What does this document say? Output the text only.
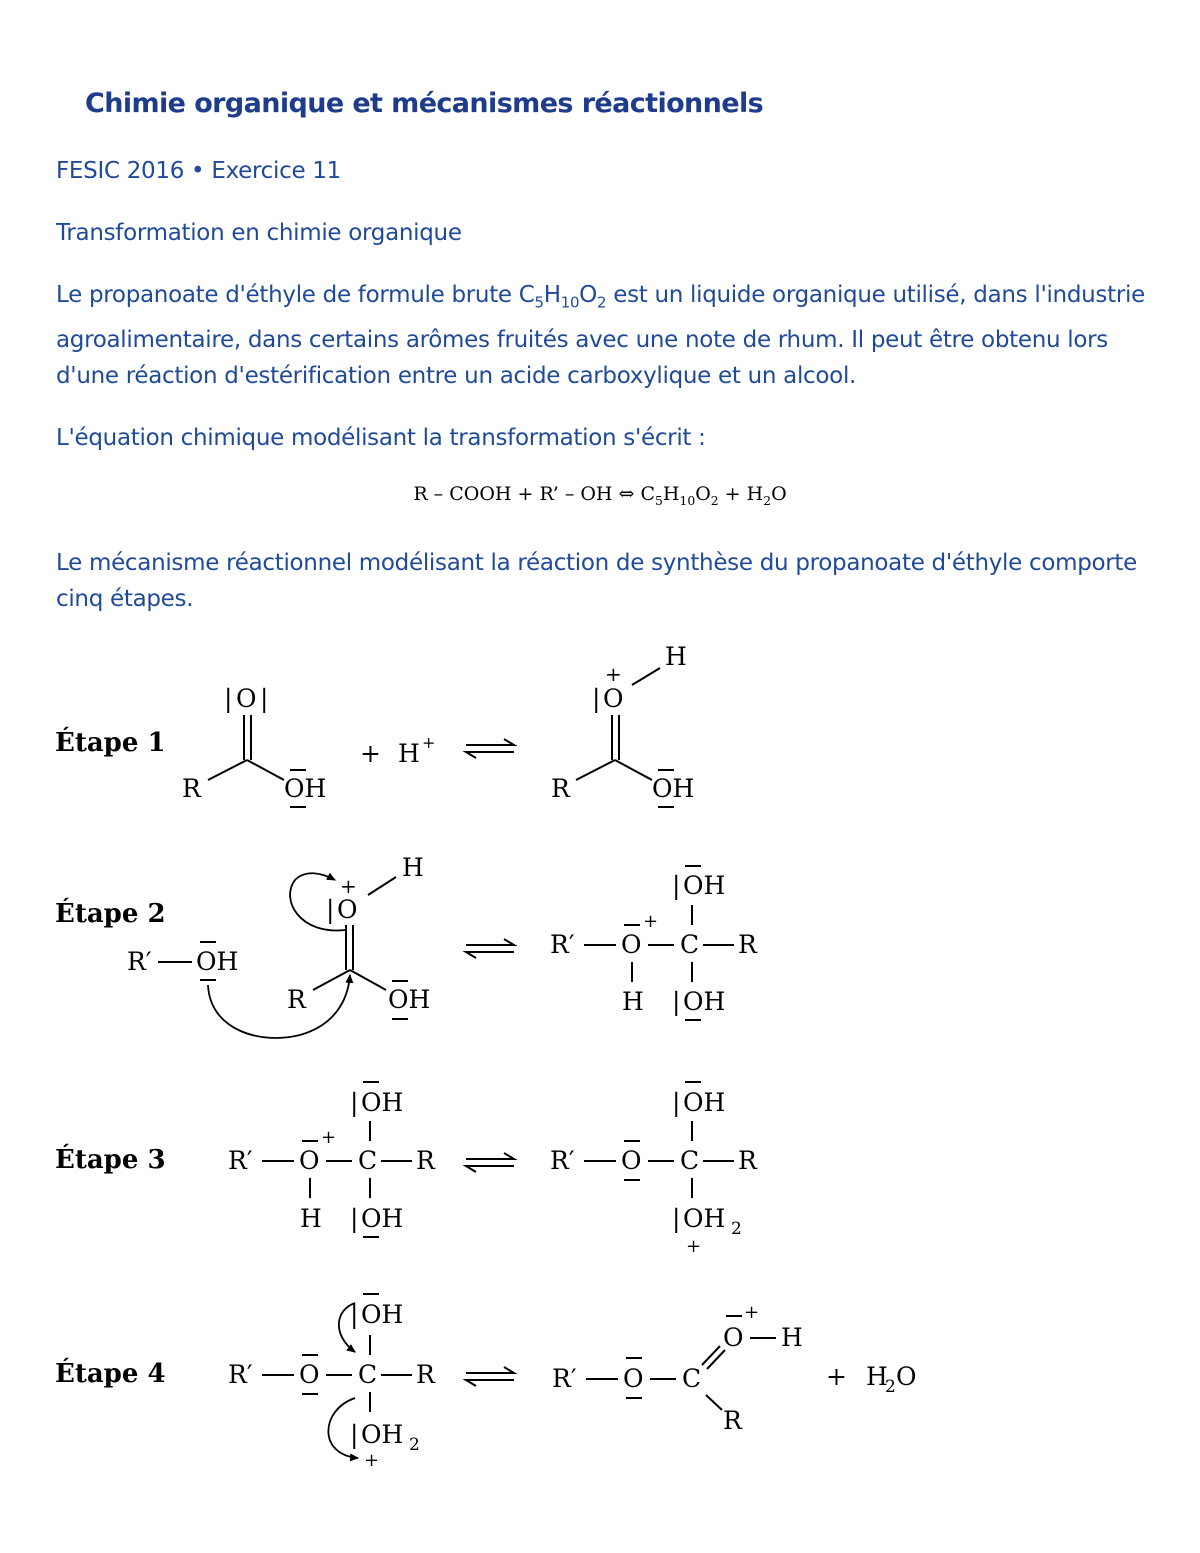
Chimie organique et mécanismes réactionnels
FESIC 2016 • Exercice 11
Transformation en chimie organique
Le propanoate d'éthyle de formule brute $C_5H_{10}O_2$ est un liquide organique utilisé, dans l'industrie
agroalimentaire, dans certains arômes fruités avec une note de rhum. Il peut être obtenu lors
d'une réaction d'estérification entre un acide carboxylique et un alcool.
L'équation chimique modélisant la transformation s'écrit :
R – COOH + R’ – OH ⇔ $C_5H_{10}O_2 + H_2O$
Le mécanisme réactionnel modélisant la réaction de synthèse du propanoate d'éthyle comporte
cinq étapes.
Étape 1
| O |
R	OH
+ H +
| O
+
H
R	OH
Étape 2
R′ OH
| O
+
H
R	OH
R′ O
+
C R
H
| OH
| OH
Étape 3 R′ O
+
C R
H
| OH
| OH
R′ O C R
| OH
| OH 2
+
Étape 4 R′ O C R
| OH
| OH 2
+
R′ O C
O
+
H
R
+ H
2 O
